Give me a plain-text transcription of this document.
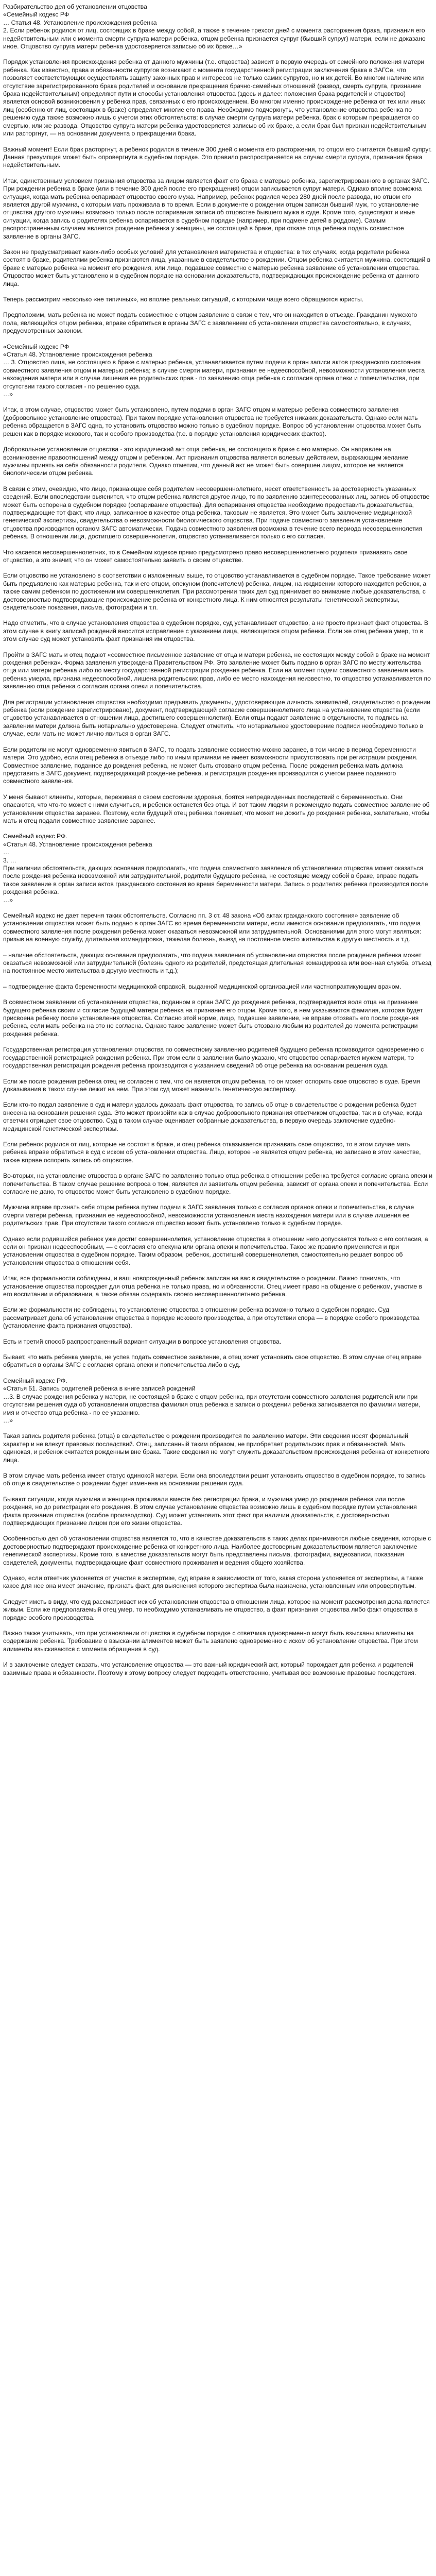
Разбирательство дел об установлении отцовства
«Семейный кодекс РФ
… Статья 48. Установление происхождения ребенка
2. Если ребенок родился от лиц, состоящих в браке между собой, а также в течение трехсот дней с момента расторжения брака, признания его недействительным или с момента смерти супруга матери ребенка, отцом ребенка признается супруг (бывший супруг) матери, если не доказано иное. Отцовство супруга матери ребенка удостоверяется записью об их браке…»
Порядок установления происхождения ребенка от данного мужчины (т.е. отцовства) зависит в первую очередь от семейного положения матери ребенка. Как известно, права и обязанности супругов возникают с момента государственной регистрации заключения брака в ЗАГСе, что позволяет соответствующих осуществлять защиту законных прав и интересов не только самих супругов, но и их детей. Во многом наличие или отсутствие зарегистрированного брака родителей и основание прекращения брачно-семейных отношений (развод, смерть супруга, признание брака недействительным) определяют пути и способы установления отцовства (здесь и далее: положения брака родителей и отцовство) является основой возникновения у ребенка прав, связанных с его происхождением. Во многом именно происхождение ребенка от тех или иных лиц (особенно от лиц, состоящих в браке) определяет многие его права. Необходимо подчеркнуть, что установление отцовства ребенка по решению суда также возможно лишь с учетом этих обстоятельств: в случае смерти супруга матери ребенка, брак с которым прекращается со смертью, или же развода. Отцовство супруга матери ребенка удостоверяется записью об их браке, а если брак был признан недействительным или расторгнут, — на основании документа о прекращении брака.
Важный момент! Если брак расторгнут, а ребенок родился в течение 300 дней с момента его расторжения, то отцом его считается бывший супруг. Данная презумпция может быть опровергнута в судебном порядке. Это правило распространяется на случаи смерти супруга, признания брака недействительным.
Итак, единственным условием признания отцовства за лицом является факт его брака с матерью ребенка, зарегистрированного в органах ЗАГС. При рождении ребенка в браке (или в течение 300 дней после его прекращения) отцом записывается супруг матери. Однако вполне возможна ситуация, когда мать ребенка оспаривает отцовство своего мужа. Например, ребенок родился через 280 дней после развода, но отцом его является другой мужчина, с которым мать проживала в то время. Если в документе о рождении отцом записан бывший муж, то установление отцовства другого мужчины возможно только после оспаривания записи об отцовстве бывшего мужа в суде. Кроме того, существуют и иные ситуации, когда запись о родителях ребенка оспаривается в судебном порядке (например, при подмене детей в роддоме). Самым распространенным случаем является рождение ребенка у женщины, не состоящей в браке, при отказе отца ребенка подать совместное заявление в органы ЗАГС.
Закон не предусматривает каких-либо особых условий для установления материнства и отцовства: в тех случаях, когда родители ребенка состоят в браке, родителями ребенка признаются лица, указанные в свидетельстве о рождении. Отцом ребенка считается мужчина, состоящий в браке с матерью ребенка на момент его рождения, или лицо, подавшее совместно с матерью ребенка заявление об установлении отцовства. Отцовство может быть установлено и в судебном порядке на основании доказательств, подтверждающих происхождение ребенка от данного лица.
Теперь рассмотрим несколько «не типичных», но вполне реальных ситуаций, с которыми чаще всего обращаются юристы.
Предположим, мать ребенка не может подать совместное с отцом заявление в связи с тем, что он находится в отъезде. Гражданин мужского пола, являющийся отцом ребенка, вправе обратиться в органы ЗАГС с заявлением об установлении отцовства самостоятельно, в случаях, предусмотренных законом.
«Семейный кодекс РФ
«Статья 48. Установление происхождения ребенка
… 3. Отцовство лица, не состоящего в браке с матерью ребенка, устанавливается путем подачи в орган записи актов гражданского состояния совместного заявления отцом и матерью ребенка; в случае смерти матери, признания ее недееспособной, невозможности установления места нахождения матери или в случае лишения ее родительских прав - по заявлению отца ребенка с согласия органа опеки и попечительства, при отсутствии такого согласия - по решению суда.
…»
Итак, в этом случае, отцовство может быть установлено, путем подачи в орган ЗАГС отцом и матерью ребенка совместного заявления (добровольное установление отцовства). При таком порядке установления отцовства не требуется никаких доказательств. Однако если мать ребенка обращается в ЗАГС одна, то установить отцовство можно только в судебном порядке. Вопрос об установлении отцовства может быть решен как в порядке искового, так и особого производства (т.е. в порядке установления юридических фактов).
Добровольное установление отцовства - это юридический акт отца ребенка, не состоящего в браке с его матерью. Он направлен на возникновение правоотношений между отцом и ребенком. Акт признания отцовства является волевым действием, выражающим желание мужчины принять на себя обязанности родителя. Однако отметим, что данный акт не может быть совершен лицом, которое не является биологическим отцом ребенка.
В связи с этим, очевидно, что лицо, признающее себя родителем несовершеннолетнего, несет ответственность за достоверность указанных сведений. Если впоследствии выяснится, что отцом ребенка является другое лицо, то по заявлению заинтересованных лиц, запись об отцовстве может быть оспорена в судебном порядке (оспаривание отцовства). Для оспаривания отцовства необходимо предоставить доказательства, подтверждающие тот факт, что лицо, записанное в качестве отца ребенка, таковым не является. Это может быть заключение медицинской генетической экспертизы, свидетельства о невозможности биологического отцовства. При подаче совместного заявления установление отцовства производится органом ЗАГС автоматически. Подача совместного заявления возможна в течение всего периода несовершеннолетия ребенка. В отношении лица, достигшего совершеннолетия, отцовство устанавливается только с его согласия.
Что касается несовершеннолетних, то в Семейном кодексе прямо предусмотрено право несовершеннолетнего родителя признавать свое отцовство, а это значит, что он может самостоятельно заявить о своем отцовстве.
Если отцовство не установлено в соответствии с изложенным выше, то отцовство устанавливается в судебном порядке. Такое требование может быть предъявлено как матерью ребенка, так и его отцом, опекуном (попечителем) ребенка, лицом, на иждивении которого находится ребенок, а также самим ребенком по достижении им совершеннолетия. При рассмотрении таких дел суд принимает во внимание любые доказательства, с достоверностью подтверждающие происхождение ребенка от конкретного лица. К ним относятся результаты генетической экспертизы, свидетельские показания, письма, фотографии и т.п.
Надо отметить, что в случае установления отцовства в судебном порядке, суд устанавливает отцовство, а не просто признает факт отцовства. В этом случае в книгу записей рождений вносится исправление с указанием лица, являющегося отцом ребенка. Если же отец ребенка умер, то в этом случае суд может установить факт признания им отцовства.
Пройти в ЗАГС мать и отец подают «совместное письменное заявление от отца и матери ребенка, не состоящих между собой в браке на момент рождения ребенка». Форма заявления утверждена Правительством РФ. Это заявление может быть подано в орган ЗАГС по месту жительства отца или матери ребенка либо по месту государственной регистрации рождения ребенка. Если на момент подачи совместного заявления мать ребенка умерла, признана недееспособной, лишена родительских прав, либо ее место нахождения неизвестно, то отцовство устанавливается по заявлению отца ребенка с согласия органа опеки и попечительства.
Для регистрации установления отцовства необходимо предъявить документы, удостоверяющие личность заявителей, свидетельство о рождении ребенка (если рождение зарегистрировано), документ, подтверждающий согласие совершеннолетнего лица на установление отцовства (если отцовство устанавливается в отношении лица, достигшего совершеннолетия). Если отцы подают заявление в отдельности, то подпись на заявлении матери должна быть нотариально удостоверена. Следует отметить, что нотариальное удостоверение подписи необходимо только в случае, если мать не может лично явиться в орган ЗАГС.
Если родители не могут одновременно явиться в ЗАГС, то подать заявление совместно можно заранее, в том числе в период беременности матери. Это удобно, если отец ребенка в отъезде либо по иным причинам не имеет возможности присутствовать при регистрации рождения. Совместное заявление, поданное до рождения ребенка, не может быть отозвано отцом ребенка. После рождения ребенка мать должна представить в ЗАГС документ, подтверждающий рождение ребенка, и регистрация рождения производится с учетом ранее поданного совместного заявления.
У меня бывают клиенты, которые, переживая о своем состоянии здоровья, боятся непредвиденных последствий с беременностью. Они опасаются, что что-то может с ними случиться, и ребенок останется без отца. И вот таким людям я рекомендую подать совместное заявление об установлении отцовства заранее. Поэтому, если будущий отец ребенка понимает, что может не дожить до рождения ребенка, желательно, чтобы мать и отец подали совместное заявление заранее.
Семейный кодекс РФ.
«Статья 48. Установление происхождения ребенка
…
3. …
При наличии обстоятельств, дающих основания предполагать, что подача совместного заявления об установлении отцовства может оказаться после рождения ребенка невозможной или затруднительной, родители будущего ребенка, не состоящие между собой в браке, вправе подать такое заявление в орган записи актов гражданского состояния во время беременности матери. Запись о родителях ребенка производится после рождения ребенка.
…»
Семейный кодекс не дает перечня таких обстоятельств. Согласно пп. 3 ст. 48 закона «Об актах гражданского состояния» заявление об установлении отцовства может быть подано в орган ЗАГС во время беременности матери, если имеются основания предполагать, что подача совместного заявления после рождения ребенка может оказаться невозможной или затруднительной. Основаниями для этого могут являться: призыв на военную службу, длительная командировка, тяжелая болезнь, выезд на постоянное место жительства в другую местность и т.д.
– наличие обстоятельств, дающих основания предполагать, что подача заявления об установлении отцовства после рождения ребенка может оказаться невозможной или затруднительной (болезнь одного из родителей, предстоящая длительная командировка или военная служба, отъезд на постоянное место жительства в другую местность и т.д.);
– подтверждение факта беременности медицинской справкой, выданной медицинской организацией или частнопрактикующим врачом.
В совместном заявлении об установлении отцовства, поданном в орган ЗАГС до рождения ребенка, подтверждается воля отца на признание будущего ребенка своим и согласие будущей матери ребенка на признание его отцом. Кроме того, в нем указываются фамилия, которая будет присвоена ребенку после установления отцовства. Согласно этой норме, лицо, подавшее заявление, не вправе отозвать его после рождения ребенка, если мать ребенка на это не согласна. Однако такое заявление может быть отозвано любым из родителей до момента регистрации рождения ребенка.
Государственная регистрация установления отцовства по совместному заявлению родителей будущего ребенка производится одновременно с государственной регистрацией рождения ребенка. При этом если в заявлении было указано, что отцовство оспаривается мужем матери, то государственная регистрация рождения ребенка производится с указанием сведений об отце ребенка на основании решения суда.
Если же после рождения ребенка отец не согласен с тем, что он является отцом ребенка, то он может оспорить свое отцовство в суде. Бремя доказывания в таком случае лежит на нем. При этом суд может назначить генетическую экспертизу.
Если кто-то подал заявление в суд и матери удалось доказать факт отцовства, то запись об отце в свидетельстве о рождении ребенка будет внесена на основании решения суда. Это может произойти как в случае добровольного признания ответчиком отцовства, так и в случае, когда ответчик отрицает свое отцовство. Суд в таком случае оценивает собранные доказательства, в первую очередь заключение судебно-медицинской генетической экспертизы.
Если ребенок родился от лиц, которые не состоят в браке, и отец ребенка отказывается признавать свое отцовство, то в этом случае мать ребенка вправе обратиться в суд с иском об установлении отцовства. Лицо, которое не является отцом ребенка, но записано в этом качестве, также вправе оспорить запись об отцовстве.
Во-вторых, на установление отцовства в органе ЗАГС по заявлению только отца ребенка в отношении ребенка требуется согласие органа опеки и попечительства. В таком случае решение вопроса о том, является ли заявитель отцом ребенка, зависит от органа опеки и попечительства. Если согласие не дано, то отцовство может быть установлено в судебном порядке.
Мужчина вправе признать себя отцом ребенка путем подачи в ЗАГС заявления только с согласия органов опеки и попечительства, в случае смерти матери ребенка, признания ее недееспособной, невозможности установления места нахождения матери или в случае лишения ее родительских прав. При отсутствии такого согласия отцовство может быть установлено только в судебном порядке.
Однако если родившийся ребенок уже достиг совершеннолетия, установление отцовства в отношении него допускается только с его согласия, а если он признан недееспособным, — с согласия его опекуна или органа опеки и попечительства. Такое же правило применяется и при установлении отцовства в судебном порядке. Таким образом, ребенок, достигший совершеннолетия, самостоятельно решает вопрос об установлении отцовства в отношении себя.
Итак, все формальности соблюдены, и ваш новорожденный ребенок записан на вас в свидетельстве о рождении. Важно понимать, что установление отцовства порождает для отца ребенка не только права, но и обязанности. Отец имеет право на общение с ребенком, участие в его воспитании и образовании, а также обязан содержать своего несовершеннолетнего ребенка.
Если же формальности не соблюдены, то установление отцовства в отношении ребенка возможно только в судебном порядке. Суд рассматривает дела об установлении отцовства в порядке искового производства, а при отсутствии спора — в порядке особого производства (установление факта признания отцовства).
Есть и третий способ распространенный вариант ситуации в вопросе установления отцовства.
Бывает, что мать ребенка умерла, не успев подать совместное заявление, а отец хочет установить свое отцовство. В этом случае отец вправе обратиться в органы ЗАГС с согласия органа опеки и попечительства либо в суд.
Семейный кодекс РФ.
«Статья 51. Запись родителей ребенка в книге записей рождений
…3. В случае рождения ребенка у матери, не состоящей в браке с отцом ребенка, при отсутствии совместного заявления родителей или при отсутствии решения суда об установлении отцовства фамилия отца ребенка в записи о рождении ребенка записывается по фамилии матери, имя и отчество отца ребенка - по ее указанию.
…»
Такая запись родителя ребенка (отца) в свидетельстве о рождении производится по заявлению матери. Эти сведения носят формальный характер и не влекут правовых последствий. Отец, записанный таким образом, не приобретает родительских прав и обязанностей. Мать одинокая, и ребенок считается рожденным вне брака. Такие сведения не могут служить доказательством происхождения ребенка от конкретного лица.
В этом случае мать ребенка имеет статус одинокой матери. Если она впоследствии решит установить отцовство в судебном порядке, то запись об отце в свидетельстве о рождении будет изменена на основании решения суда.
Бывают ситуации, когда мужчина и женщина проживали вместе без регистрации брака, и мужчина умер до рождения ребенка или после рождения, но до регистрации его рождения. В этом случае установление отцовства возможно лишь в судебном порядке путем установления факта признания отцовства (особое производство). Суд может установить этот факт при наличии доказательств, с достоверностью подтверждающих признание лицом при его жизни отцовства.
Особенностью дел об установлении отцовства является то, что в качестве доказательств в таких делах принимаются любые сведения, которые с достоверностью подтверждают происхождение ребенка от конкретного лица. Наиболее достоверным доказательством является заключение генетической экспертизы. Кроме того, в качестве доказательств могут быть представлены письма, фотографии, видеозаписи, показания свидетелей, документы, подтверждающие факт совместного проживания и ведения общего хозяйства.
Однако, если ответчик уклоняется от участия в экспертизе, суд вправе в зависимости от того, какая сторона уклоняется от экспертизы, а также какое для нее она имеет значение, признать факт, для выяснения которого экспертиза была назначена, установленным или опровергнутым.
Следует иметь в виду, что суд рассматривает иск об установлении отцовства в отношении лица, которое на момент рассмотрения дела является живым. Если же предполагаемый отец умер, то необходимо устанавливать не отцовство, а факт признания отцовства либо факт отцовства в порядке особого производства.
Важно также учитывать, что при установлении отцовства в судебном порядке с ответчика одновременно могут быть взысканы алименты на содержание ребенка. Требование о взыскании алиментов может быть заявлено одновременно с иском об установлении отцовства. При этом алименты взыскиваются с момента обращения в суд.
И в заключение следует сказать, что установление отцовства — это важный юридический акт, который порождает для ребенка и родителей взаимные права и обязанности. Поэтому к этому вопросу следует подходить ответственно, учитывая все возможные правовые последствия.
